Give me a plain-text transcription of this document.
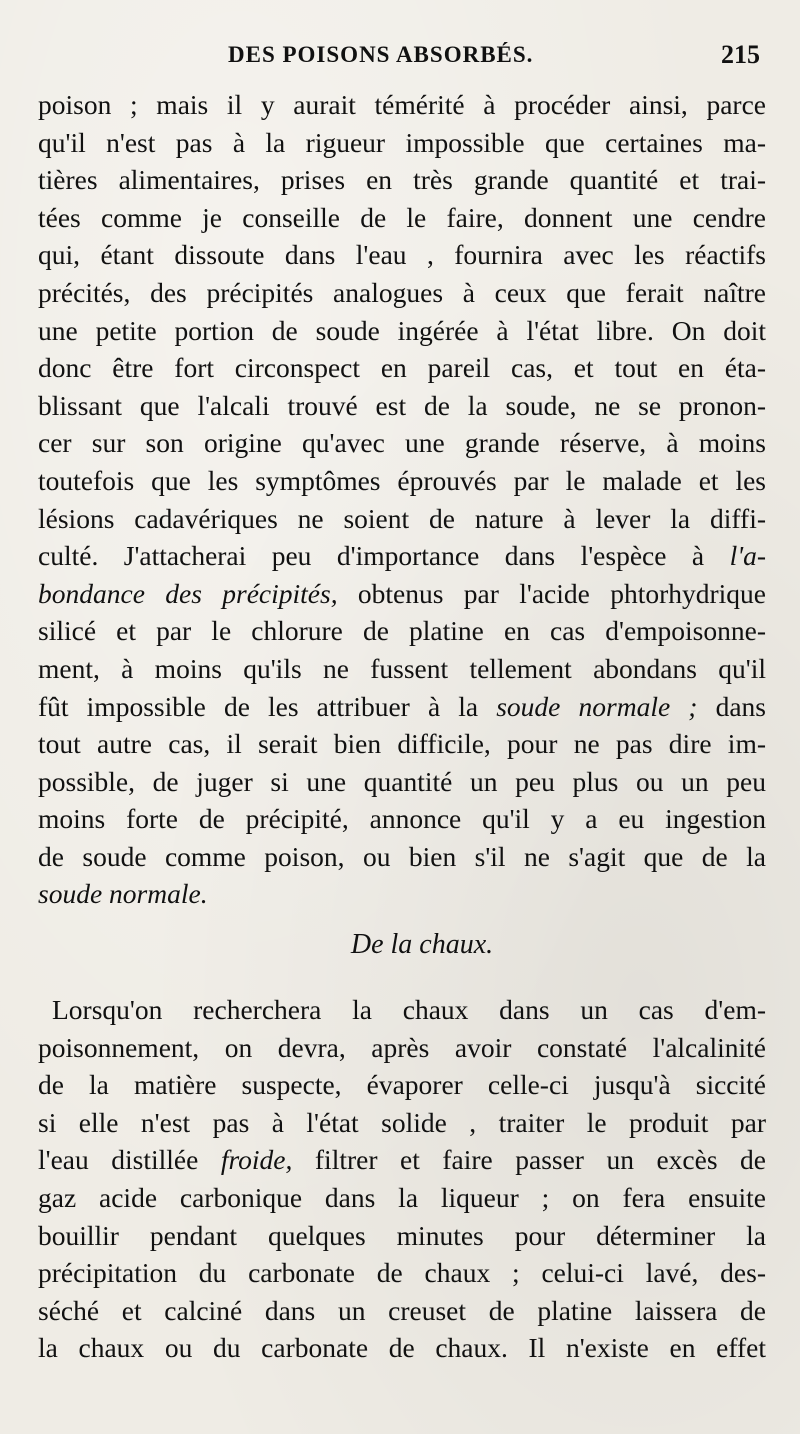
DES POISONS ABSORBÉS.	215
poison ; mais il y aurait témérité à procéder ainsi, parce
qu'il n'est pas à la rigueur impossible que certaines ma-
tières alimentaires, prises en très grande quantité et trai-
tées comme je conseille de le faire, donnent une cendre
qui, étant dissoute dans l'eau , fournira avec les réactifs
précités, des précipités analogues à ceux que ferait naître
une petite portion de soude ingérée à l'état libre. On doit
donc être fort circonspect en pareil cas, et tout en éta-
blissant que l'alcali trouvé est de la soude, ne se pronon-
cer sur son origine qu'avec une grande réserve, à moins
toutefois que les symptômes éprouvés par le malade et les
lésions cadavériques ne soient de nature à lever la diffi-
culté. J'attacherai peu d'importance dans l'espèce à l'a-
bondance des précipités, obtenus par l'acide phtorhydrique
silicé et par le chlorure de platine en cas d'empoisonne-
ment, à moins qu'ils ne fussent tellement abondans qu'il
fût impossible de les attribuer à la soude normale ; dans
tout autre cas, il serait bien difficile, pour ne pas dire im-
possible, de juger si une quantité un peu plus ou un peu
moins forte de précipité, annonce qu'il y a eu ingestion
de soude comme poison, ou bien s'il ne s'agit que de la
soude normale.
De la chaux.
Lorsqu'on recherchera la chaux dans un cas d'em-
poisonnement, on devra, après avoir constaté l'alcalinité
de la matière suspecte, évaporer celle-ci jusqu'à siccité
si elle n'est pas à l'état solide , traiter le produit par
l'eau distillée froide, filtrer et faire passer un excès de
gaz acide carbonique dans la liqueur ; on fera ensuite
bouillir pendant quelques minutes pour déterminer la
précipitation du carbonate de chaux ; celui-ci lavé, des-
séché et calciné dans un creuset de platine laissera de
la chaux ou du carbonate de chaux. Il n'existe en effet
